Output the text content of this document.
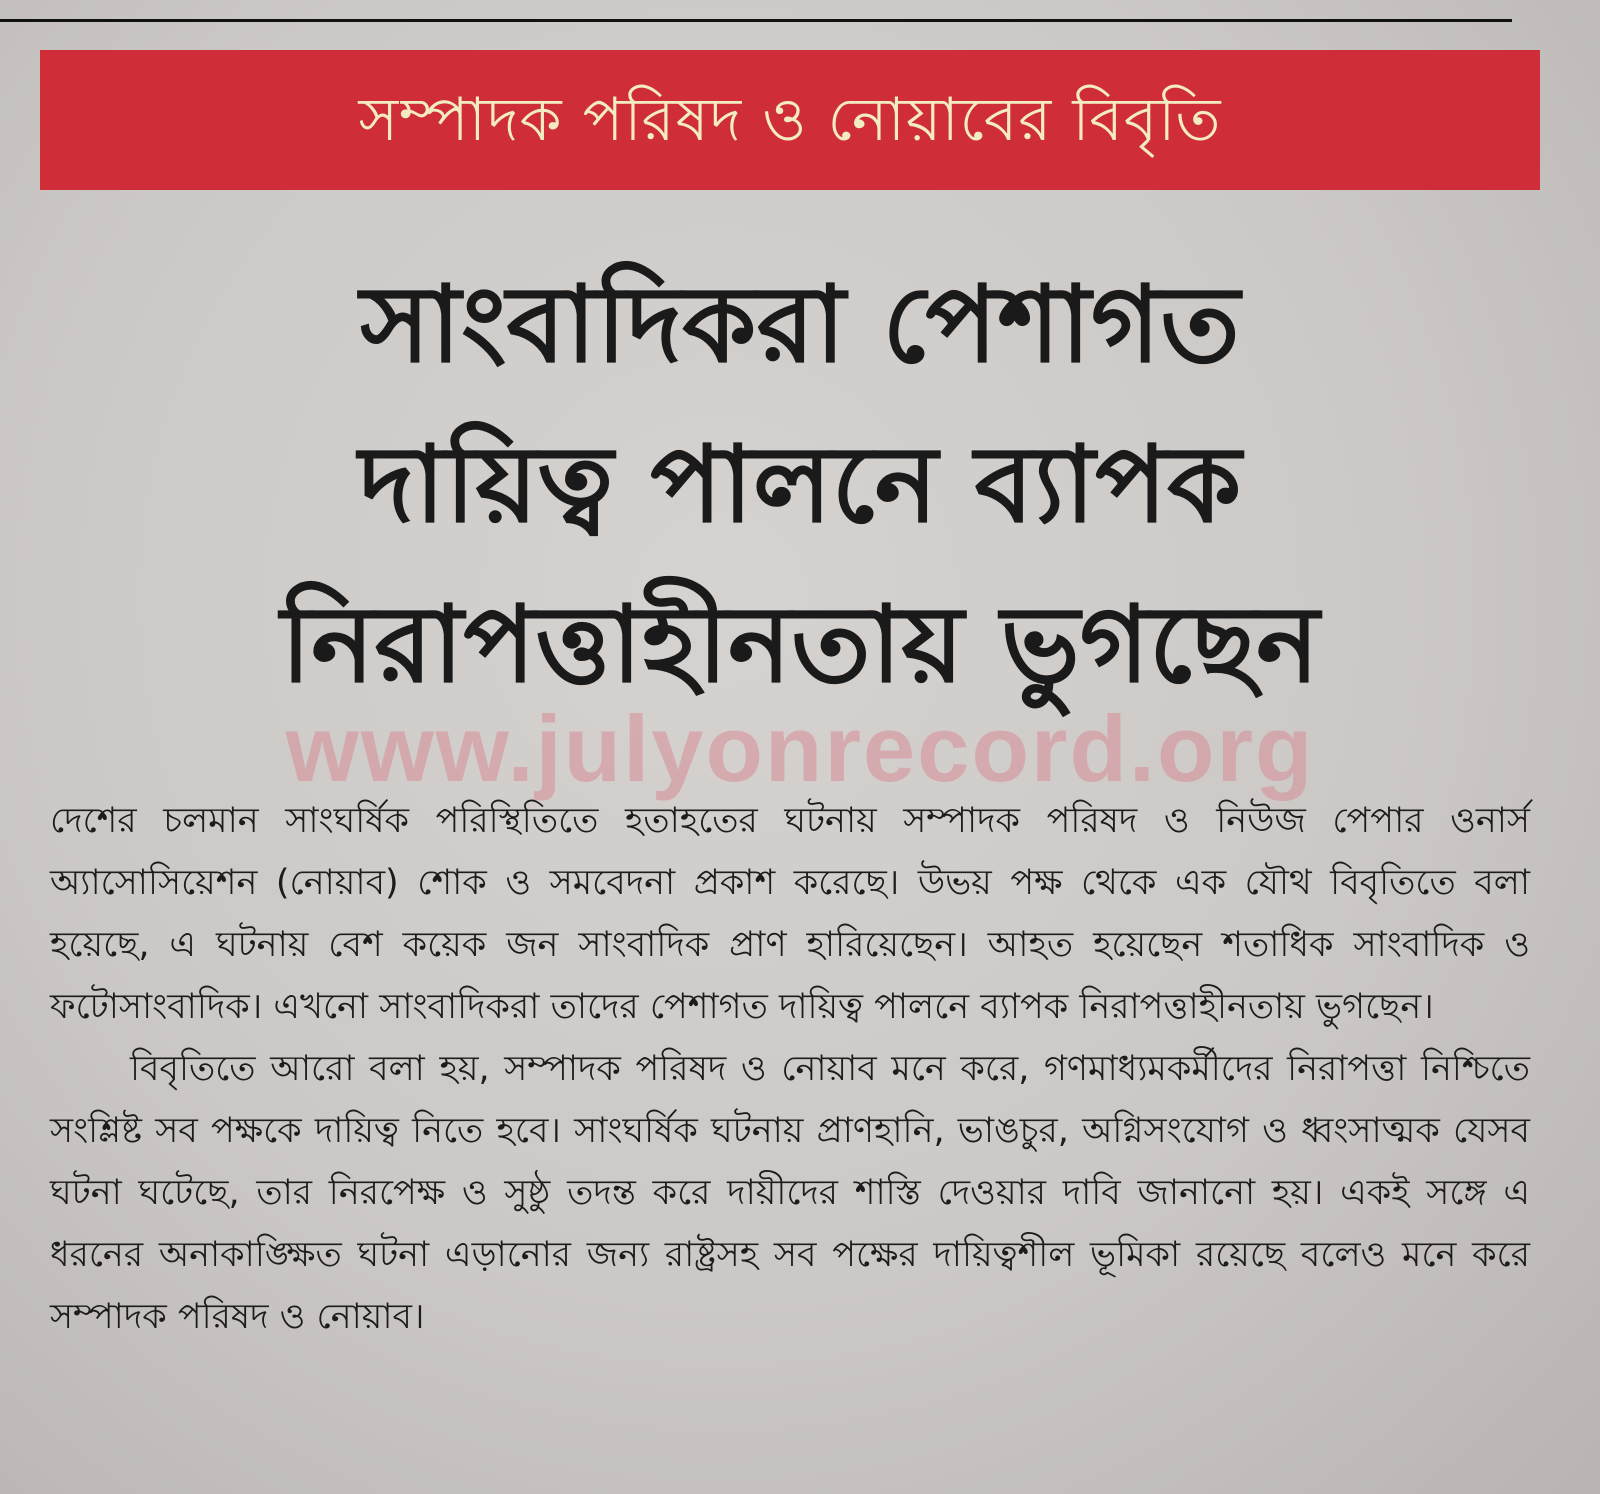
সম্পাদক পরিষদ ও নোয়াবের বিবৃতি
সাংবাদিকরা পেশাগত
দায়িত্ব পালনে ব্যাপক
নিরাপত্তাহীনতায় ভুগছেন
www.julyonrecord.org

দেশের চলমান সাংঘর্ষিক পরিস্থিতিতে হতাহতের ঘটনায় সম্পাদক পরিষদ ও নিউজ পেপার ওনার্স অ্যাসোসিয়েশন (নোয়াব) শোক ও সমবেদনা প্রকাশ করেছে। উভয় পক্ষ থেকে এক যৌথ বিবৃতিতে বলা হয়েছে, এ ঘটনায় বেশ কয়েক জন সাংবাদিক প্রাণ হারিয়েছেন। আহত হয়েছেন শতাধিক সাংবাদিক ও ফটোসাংবাদিক। এখনো সাংবাদিকরা তাদের পেশাগত দায়িত্ব পালনে ব্যাপক নিরাপত্তাহীনতায় ভুগছেন।

বিবৃতিতে আরো বলা হয়, সম্পাদক পরিষদ ও নোয়াব মনে করে, গণমাধ্যমকর্মীদের নিরাপত্তা নিশ্চিতে সংশ্লিষ্ট সব পক্ষকে দায়িত্ব নিতে হবে। সাংঘর্ষিক ঘটনায় প্রাণহানি, ভাঙচুর, অগ্নিসংযোগ ও ধ্বংসাত্মক যেসব ঘটনা ঘটেছে, তার নিরপেক্ষ ও সুষ্ঠু তদন্ত করে দায়ীদের শাস্তি দেওয়ার দাবি জানানো হয়। একই সঙ্গে এ ধরনের অনাকাঙ্ক্ষিত ঘটনা এড়ানোর জন্য রাষ্ট্রসহ সব পক্ষের দায়িত্বশীল ভূমিকা রয়েছে বলেও মনে করে সম্পাদক পরিষদ ও নোয়াব।
